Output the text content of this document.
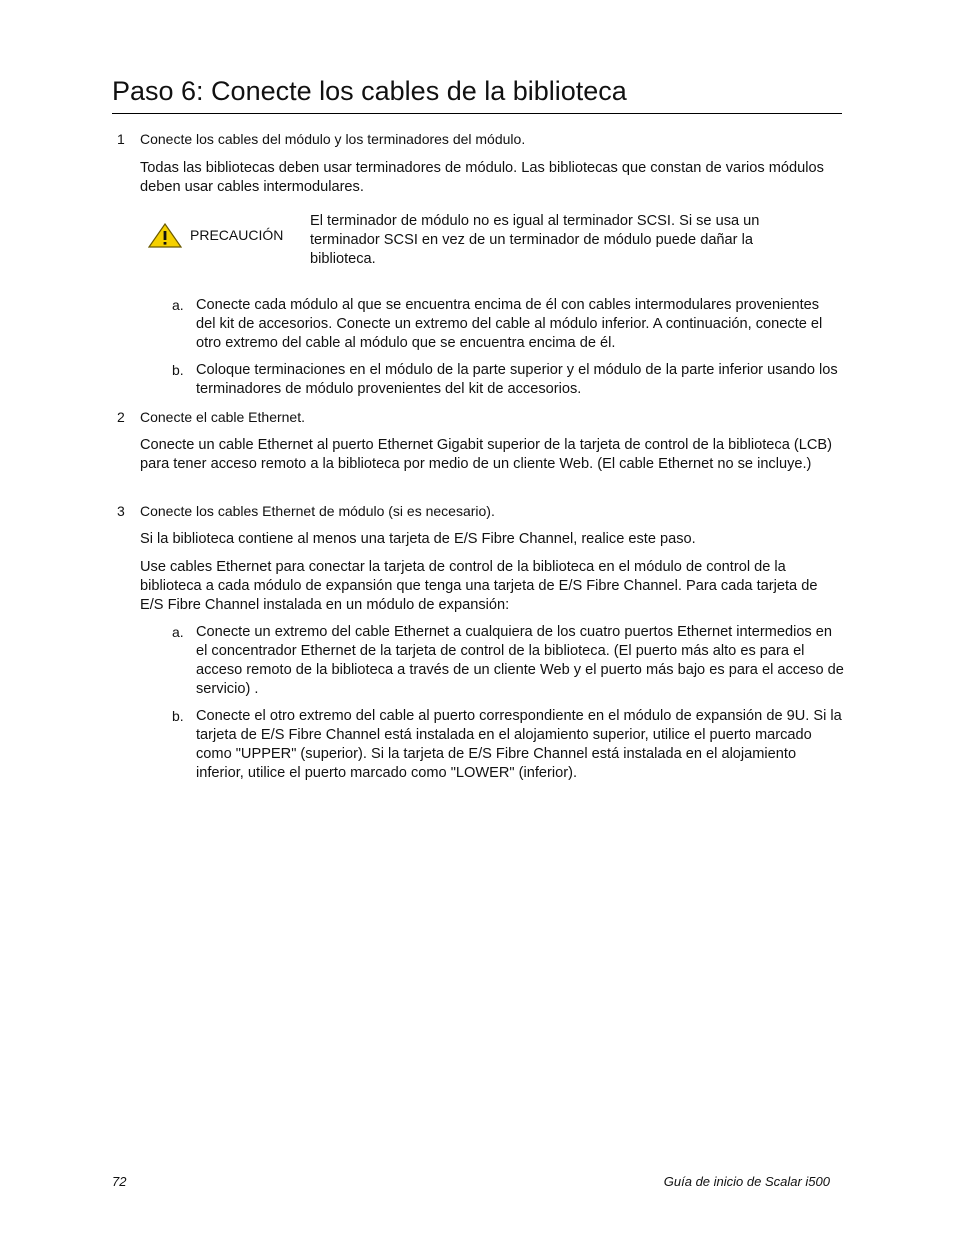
Paso 6: Conecte los cables de la biblioteca
1 Conecte los cables del módulo y los terminadores del módulo.

Todas las bibliotecas deben usar terminadores de módulo. Las bibliotecas que constan de varios módulos deben usar cables intermodulares.

PRECAUCIÓN

El terminador de módulo no es igual al terminador SCSI. Si se usa un terminador SCSI en vez de un terminador de módulo puede dañar la biblioteca.

a. Conecte cada módulo al que se encuentra encima de él con cables intermodulares provenientes del kit de accesorios. Conecte un extremo del cable al módulo inferior. A continuación, conecte el otro extremo del cable al módulo que se encuentra encima de él.

b. Coloque terminaciones en el módulo de la parte superior y el módulo de la parte inferior usando los terminadores de módulo provenientes del kit de accesorios.

2 Conecte el cable Ethernet.

Conecte un cable Ethernet al puerto Ethernet Gigabit superior de la tarjeta de control de la biblioteca (LCB) para tener acceso remoto a la biblioteca por medio de un cliente Web. (El cable Ethernet no se incluye.)

3 Conecte los cables Ethernet de módulo (si es necesario).

Si la biblioteca contiene al menos una tarjeta de E/S Fibre Channel, realice este paso.

Use cables Ethernet para conectar la tarjeta de control de la biblioteca en el módulo de control de la biblioteca a cada módulo de expansión que tenga una tarjeta de E/S Fibre Channel. Para cada tarjeta de E/S Fibre Channel instalada en un módulo de expansión:

a. Conecte un extremo del cable Ethernet a cualquiera de los cuatro puertos Ethernet intermedios en el concentrador Ethernet de la tarjeta de control de la biblioteca. (El puerto más alto es para el acceso remoto de la biblioteca a través de un cliente Web y el puerto más bajo es para el acceso de servicio) .

b. Conecte el otro extremo del cable al puerto correspondiente en el módulo de expansión de 9U. Si la tarjeta de E/S Fibre Channel está instalada en el alojamiento superior, utilice el puerto marcado como "UPPER" (superior). Si la tarjeta de E/S Fibre Channel está instalada en el alojamiento inferior, utilice el puerto marcado como "LOWER" (inferior).

72	Guía de inicio de Scalar i500
